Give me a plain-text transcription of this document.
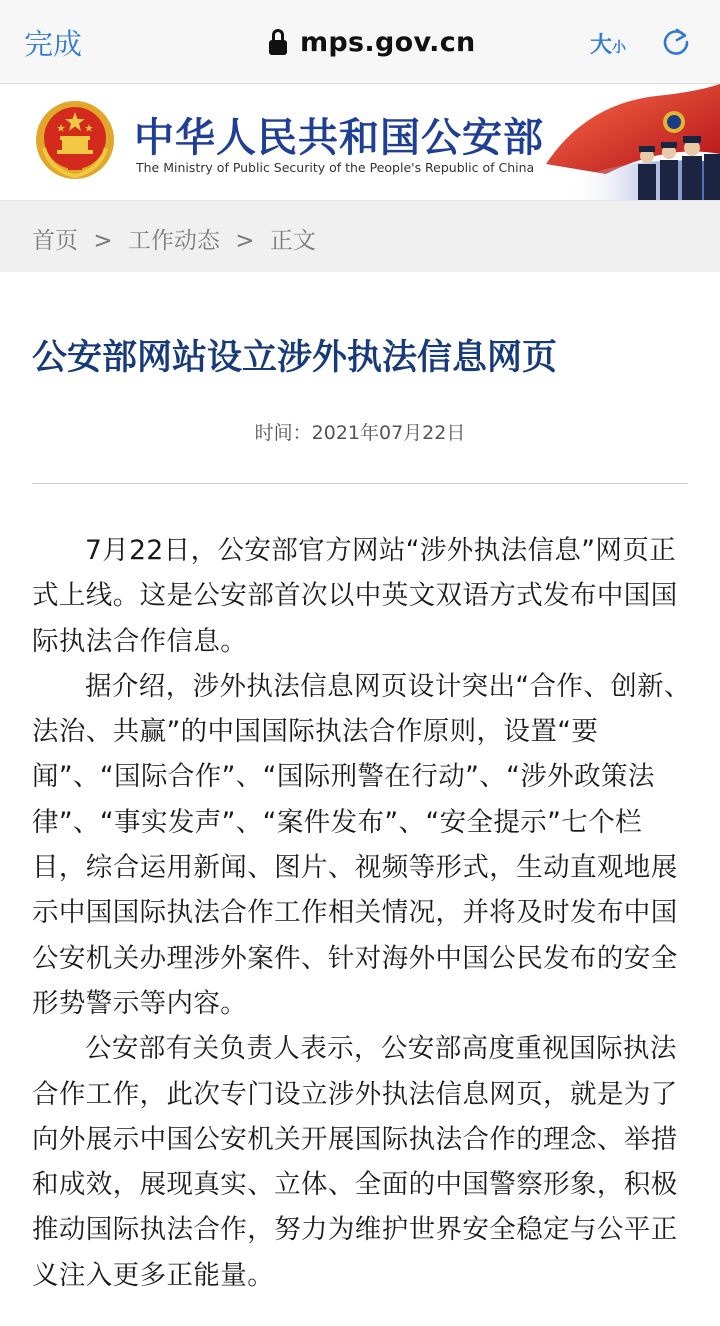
完成	mps.gov.cn	大小
中华人民共和国公安部
The Ministry of Public Security of the People's Republic of China
首页 > 工作动态 > 正文
公安部网站设立涉外执法信息网页
时间：2021年07月22日

7月22日，公安部官方网站“涉外执法信息”网页正式上线。这是公安部首次以中英文双语方式发布中国国际执法合作信息。

据介绍，涉外执法信息网页设计突出“合作、创新、法治、共赢”的中国国际执法合作原则，设置“要闻”、“国际合作”、“国际刑警在行动”、“涉外政策法律”、“事实发声”、“案件发布”、“安全提示”七个栏目，综合运用新闻、图片、视频等形式，生动直观地展示中国国际执法合作工作相关情况，并将及时发布中国公安机关办理涉外案件、针对海外中国公民发布的安全形势警示等内容。

公安部有关负责人表示，公安部高度重视国际执法合作工作，此次专门设立涉外执法信息网页，就是为了向外展示中国公安机关开展国际执法合作的理念、举措和成效，展现真实、立体、全面的中国警察形象，积极推动国际执法合作，努力为维护世界安全稳定与公平正义注入更多正能量。
